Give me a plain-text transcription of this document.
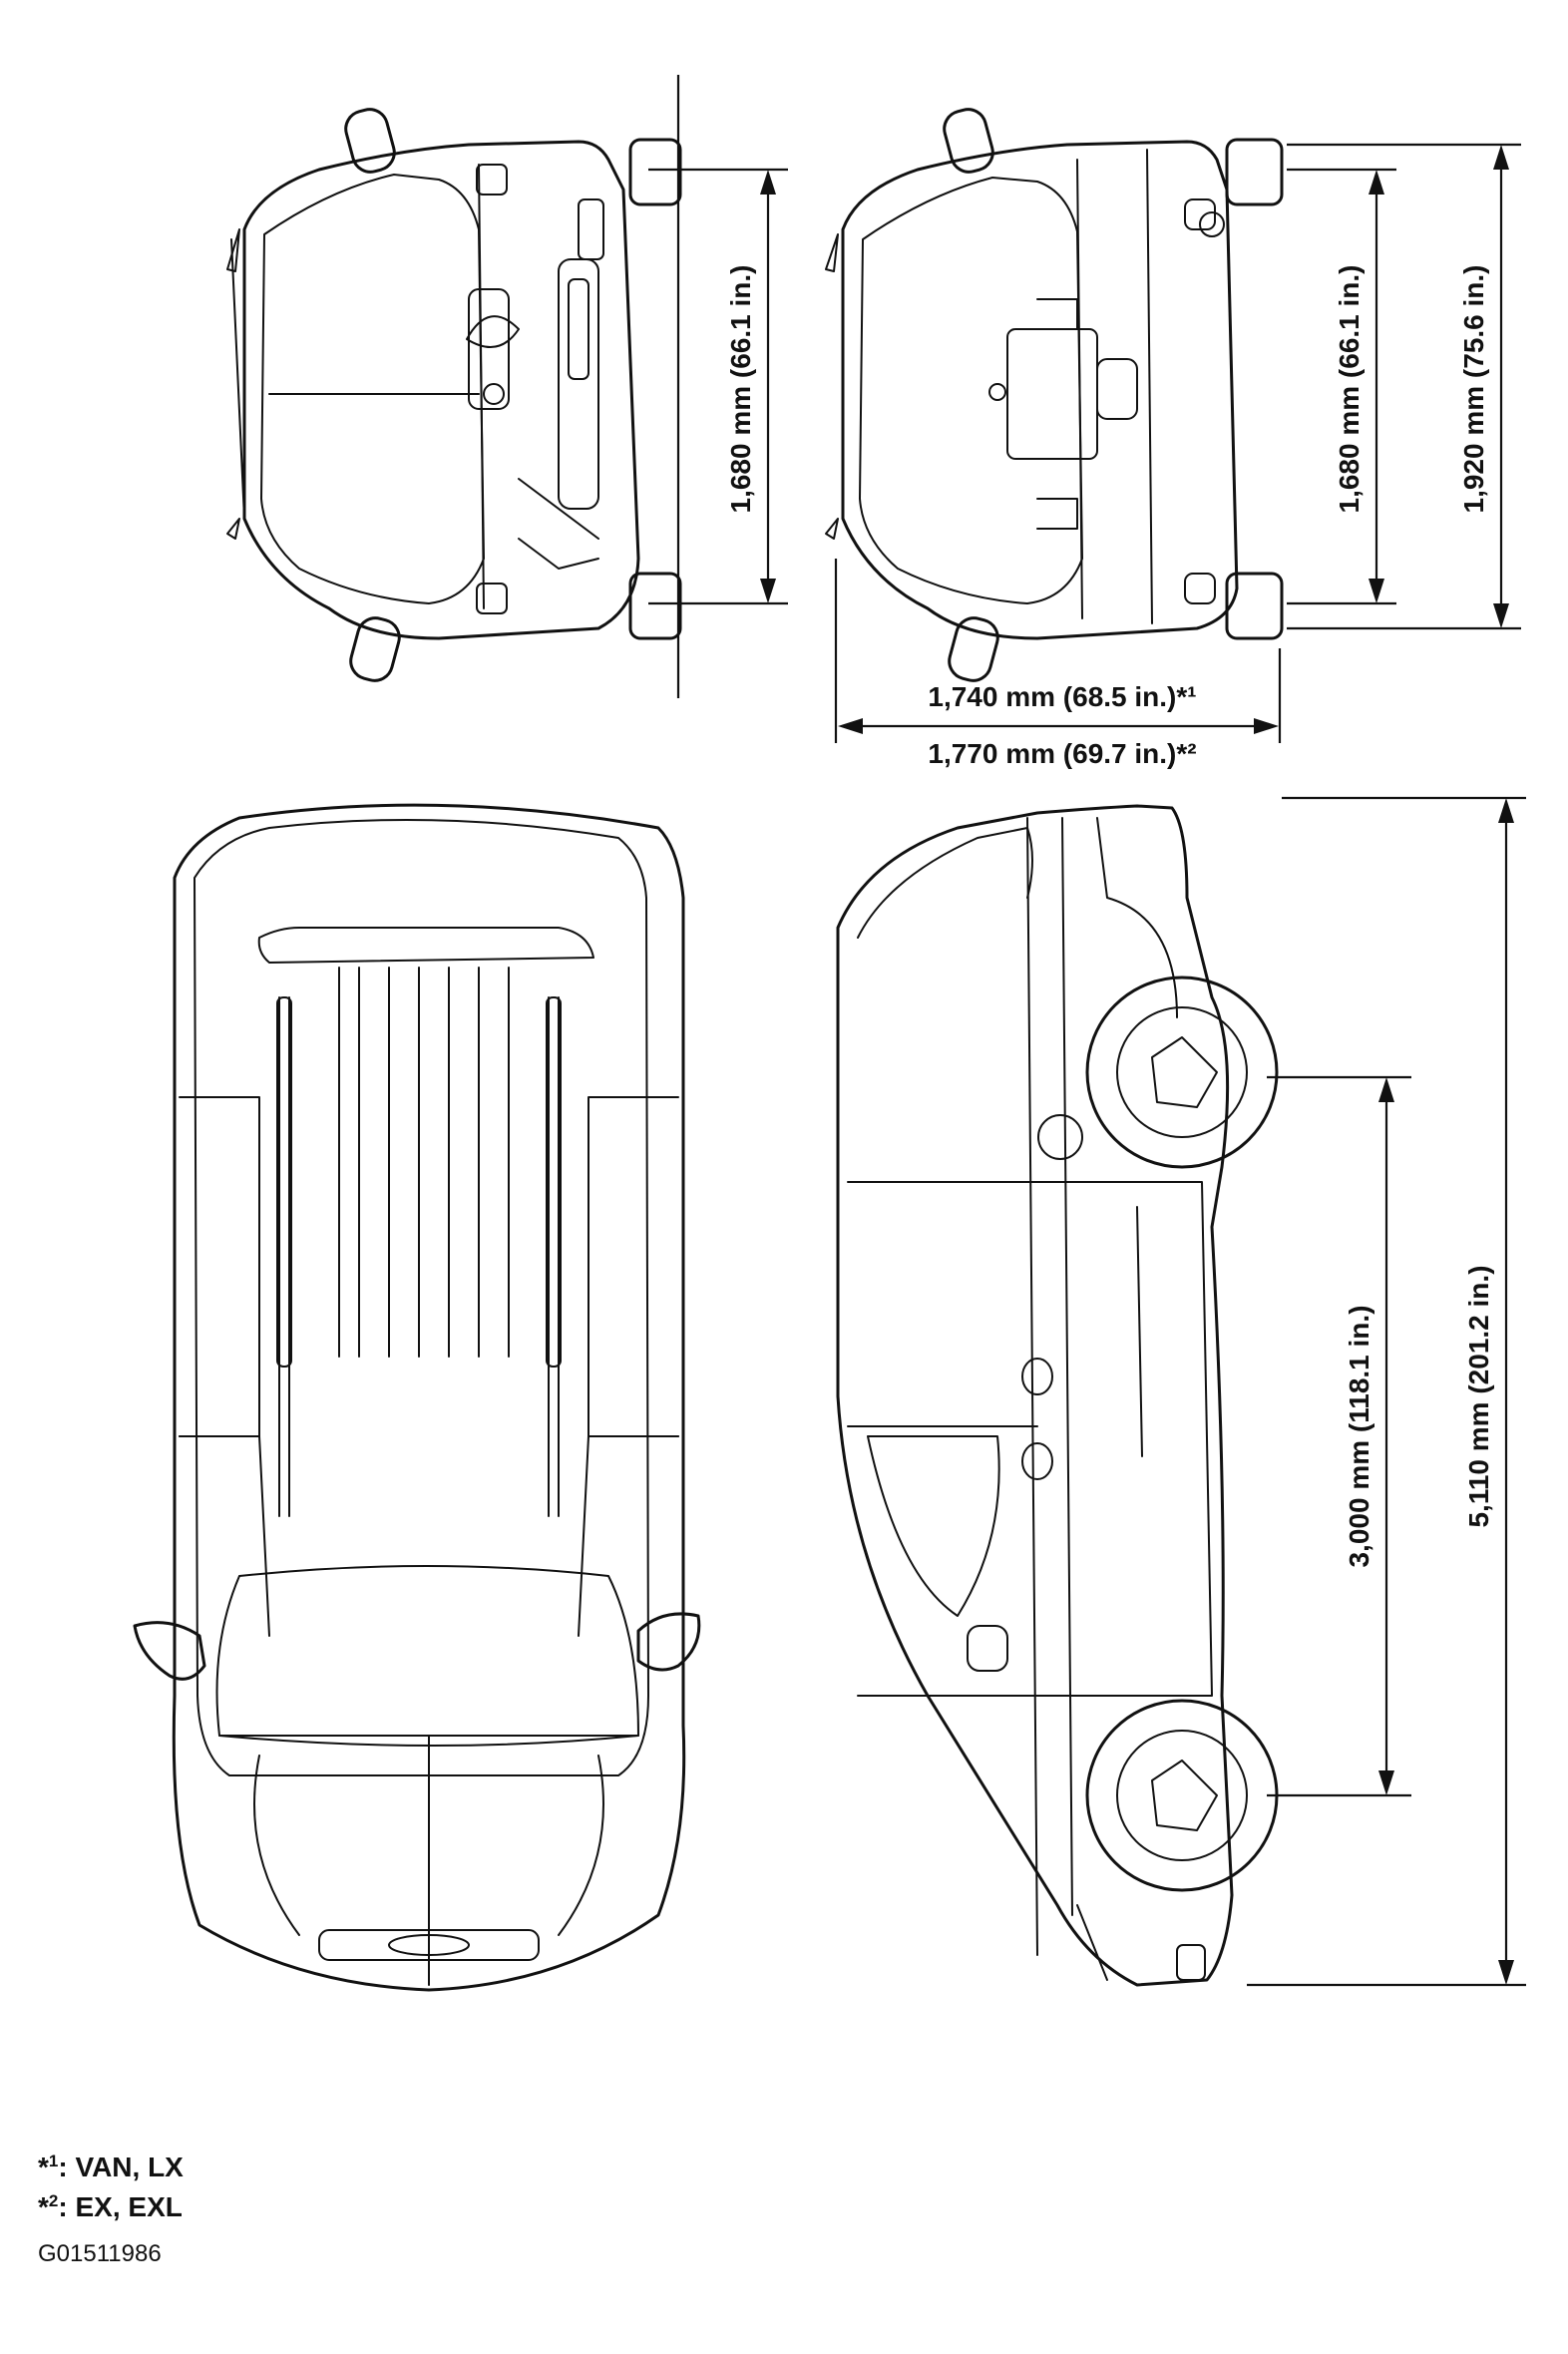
1,680 mm (66.1 in.)	1,680 mm (66.1 in.)	1,920 mm (75.6 in.)
1,740 mm (68.5 in.)*¹
1,770 mm (69.7 in.)*²
3,000 mm (118.1 in.)	5,110 mm (201.2 in.)
*$^1$: VAN, LX
*$^2$: EX, EXL
G01511986
